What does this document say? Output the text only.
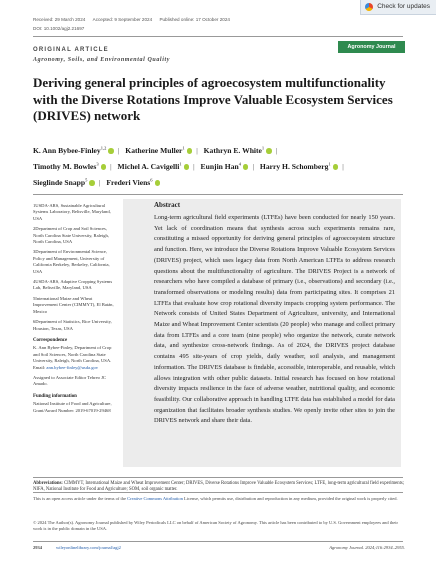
Check for updates
Received: 29 March 2024 Accepted: 9 September 2024 Published online: 17 October 2024
DOI: 10.1002/agj2.21697
ORIGINAL ARTICLE
Agronomy, Soils, and Environmental Quality
Agronomy Journal
Deriving general principles of agroecosystem multifunctionality with the Diverse Rotations Improve Valuable Ecosystem Services (DRIVES) network
K. Ann Bybee-Finley$^{1,2}$ | Katherine Muller$^1$ | Kathryn E. White$^1$ |
Timothy M. Bowles$^3$ | Michel A. Cavigelli$^1$ | Eunjin Han$^4$ | Harry H. Schomberg$^1$ |
Sieglinde Snapp$^5$ | Frederi Viens$^6$

1USDA-ARS, Sustainable Agricultural Systems Laboratory, Beltsville, Maryland, USA

2Department of Crop and Soil Sciences, North Carolina State University, Raleigh, North Carolina, USA

3Department of Environmental Science, Policy and Management, University of California Berkeley, Berkeley, California, USA

4USDA-ARS, Adaptive Cropping Systems Lab, Beltsville, Maryland, USA

5International Maize and Wheat Improvement Center (CIMMYT), El Batán, Mexico

6Department of Statistics, Rice University, Houston, Texas, USA

Correspondence

K. Ann Bybee-Finley, Department of Crop and Soil Sciences, North Carolina State University, Raleigh, North Carolina, USA. Email: ann.bybee-finley@usda.gov

Assigned to Associate Editor Tehreo JC Amado.

Funding information

National Institute of Food and Agriculture, Grant/Award Number: 2019-67019-29468

Abstract
Long-term agricultural field experiments (LTFEs) have been conducted for nearly 150 years. Yet lack of coordination means that synthesis across such experiments remains rare, constituting a missed opportunity for deriving general principles of agroecosystem structure and function. Here, we introduce the Diverse Rotations Improve Valuable Ecosystem Services (DRIVES) project, which uses legacy data from North American LTFEs to address research questions about the multifunctionality of agriculture. The DRIVES Project is a network of researchers who have compiled a database of primary (i.e., observations) and secondary (i.e., transformed observations or modeling results) data from participating sites. It comprises 21 LTFEs that evaluate how crop rotational diversity impacts cropping system performance. The Network consists of United States Department of Agriculture, university, and International Maize and Wheat Improvement Center scientists (20 people) who manage and collect primary data from LTFEs and a core team (nine people) who organize the network, curate network data, and synthesize cross-network findings. As of 2024, the DRIVES project database contains 495 site-years of crop yields, daily weather, soil analysis, and management information. The DRIVES database is findable, accessible, interoperable, and reusable, which allows integration with other public datasets. Initial research has focused on how rotational diversity impacts resilience in the face of adverse weather, nutritional quality, and economic feasibility. Our collaborative approach in handling LTFE data has established a model for data organization that facilitates broader synthesis studies. We openly invite other sites to join the DRIVES network and share their data.
Abbreviations: CIMMYT, International Maize and Wheat Improvement Center; DRIVES, Diverse Rotations Improve Valuable Ecosystem Services; LTFE, long-term agricultural field experiments; NIFA, National Institute for Food and Agriculture; SOM, soil organic matter.
This is an open access article under the terms of the Creative Commons Attribution License, which permits use, distribution and reproduction in any medium, provided the original work is properly cited.
© 2024 The Author(s). Agronomy Journal published by Wiley Periodicals LLC on behalf of American Society of Agronomy. This article has been contributed to by U.S. Government employees and their work is in the public domain in the USA.
2934	wileyonlinelibrary.com/journal/agj2	Agronomy Journal. 2024;116:2934–2955.
